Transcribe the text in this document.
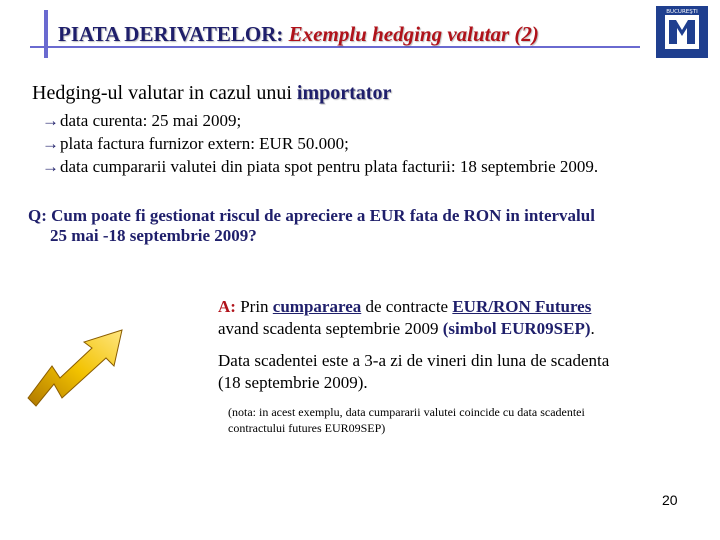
PIATA DERIVATELOR: Exemplu hedging valutar (2)
BUCUREŞTI
Hedging-ul valutar in cazul unui importator
→data curenta: 25 mai 2009;
→plata factura furnizor extern: EUR 50.000;
→data cumpararii valutei din piata spot pentru plata facturii: 18 septembrie 2009.
Q: Cum poate fi gestionat riscul de apreciere a EUR fata de RON in intervalul
25 mai -18 septembrie 2009?
A: Prin cumpararea de contracte EUR/RON Futures
avand scadenta septembrie 2009 (simbol EUR09SEP).
Data scadentei este a 3-a zi de vineri din luna de scadenta
(18 septembrie 2009).
(nota: in acest exemplu, data cumpararii valutei coincide cu data scadentei
contractului futures EUR09SEP)
20
